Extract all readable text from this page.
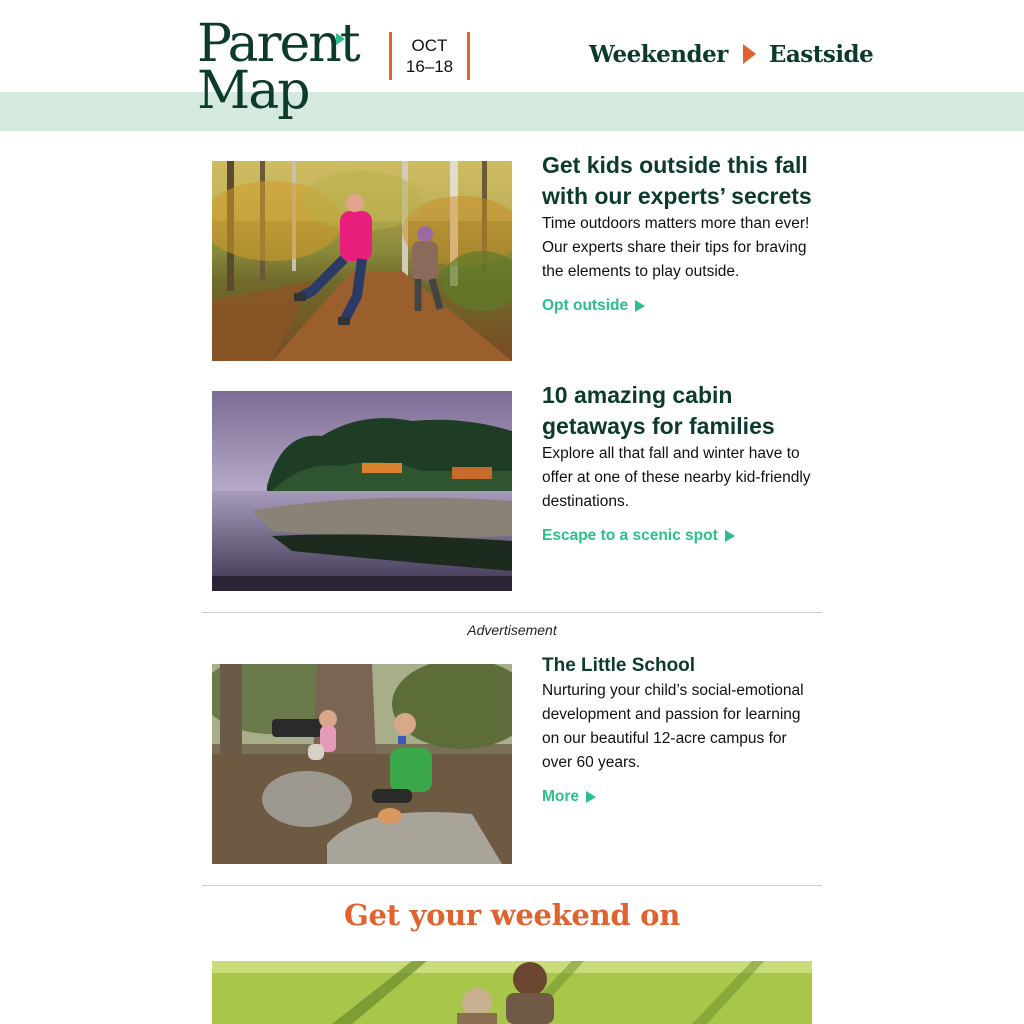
Parent
Map
OCT
16–18	Weekender Eastside
Get kids outside this fall
with our experts’ secrets

Time outdoors matters more than ever!
Our experts share their tips for braving
the elements to play outside.

Opt outside
10 amazing cabin
getaways for families

Explore all that fall and winter have to
offer at one of these nearby kid-friendly
destinations.

Escape to a scenic spot
Advertisement
The Little School

Nurturing your child’s social-emotional
development and passion for learning
on our beautiful 12-acre campus for
over 60 years.

More
Get your weekend on
